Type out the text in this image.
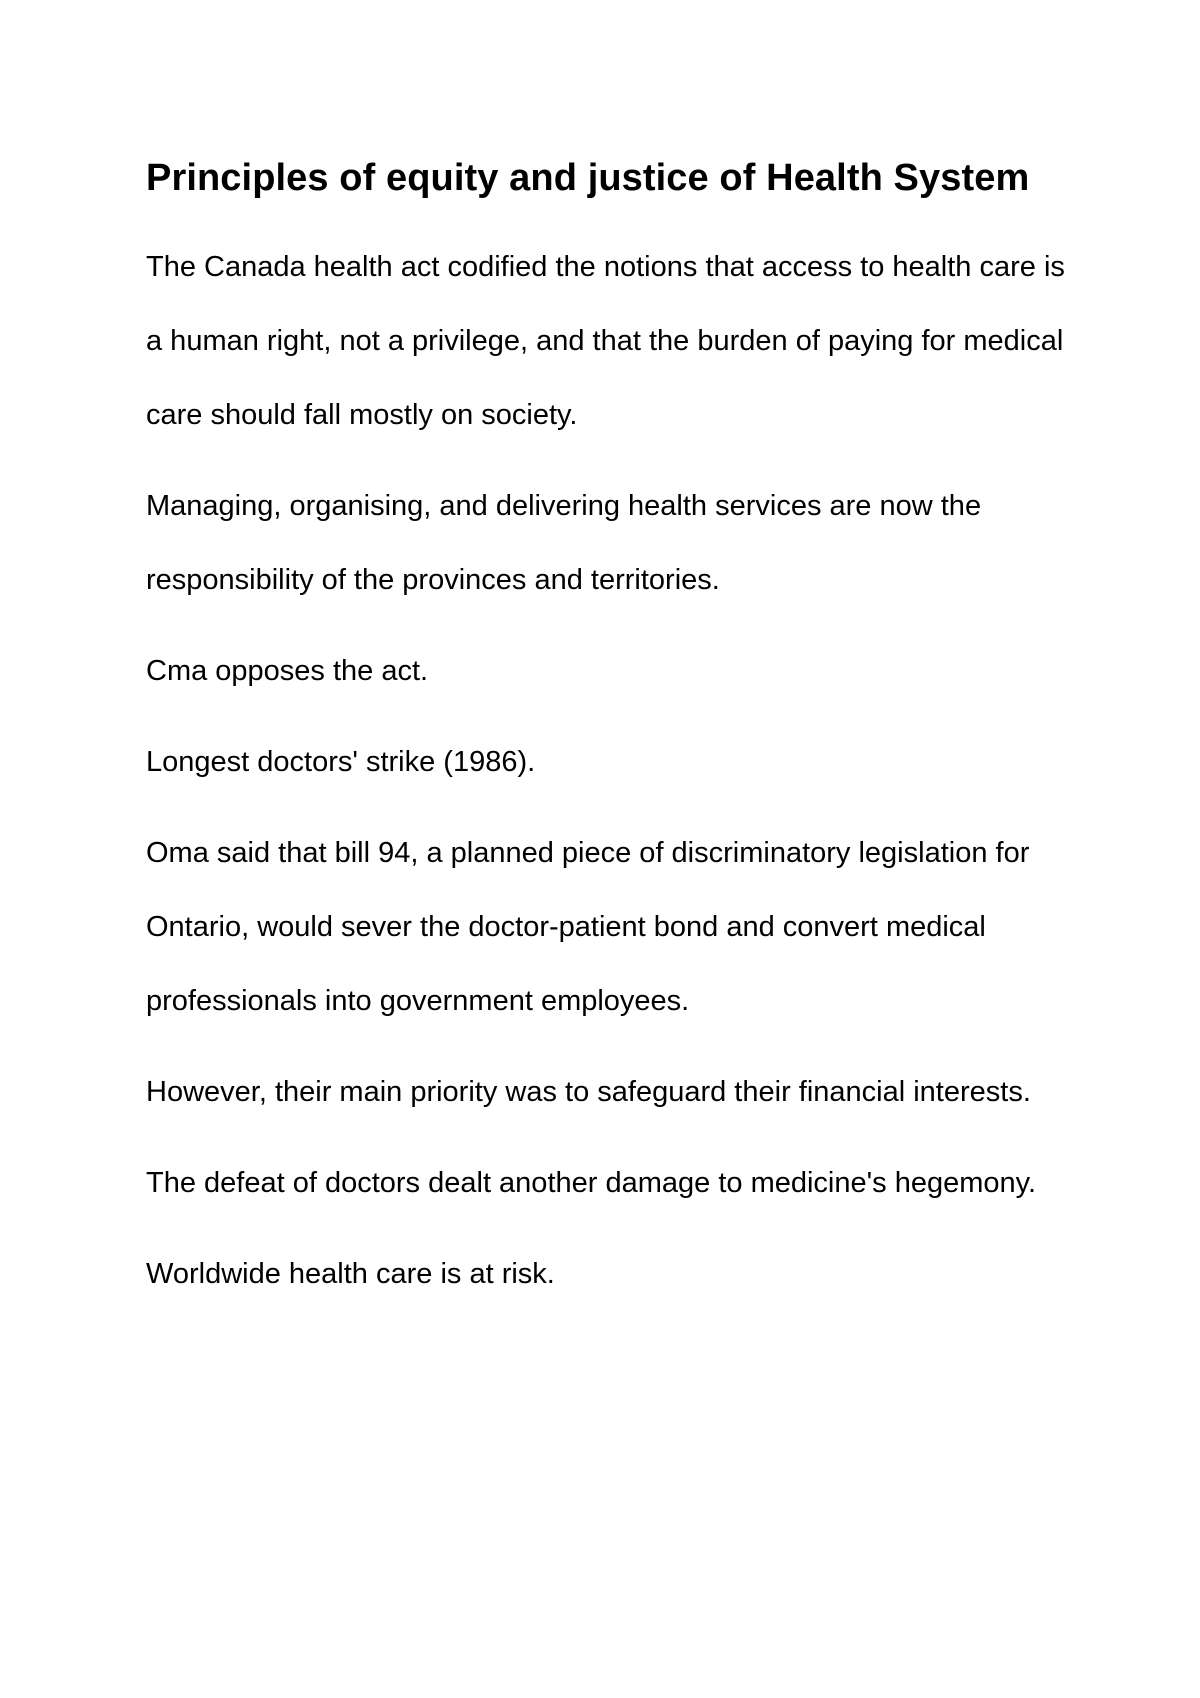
Principles of equity and justice of Health System

The Canada health act codified the notions that access to health care is a human right, not a privilege, and that the burden of paying for medical care should fall mostly on society.

Managing, organising, and delivering health services are now the responsibility of the provinces and territories.

Cma opposes the act.

Longest doctors' strike (1986).

Oma said that bill 94, a planned piece of discriminatory legislation for Ontario, would sever the doctor-patient bond and convert medical professionals into government employees.

However, their main priority was to safeguard their financial interests.

The defeat of doctors dealt another damage to medicine's hegemony.

Worldwide health care is at risk.
